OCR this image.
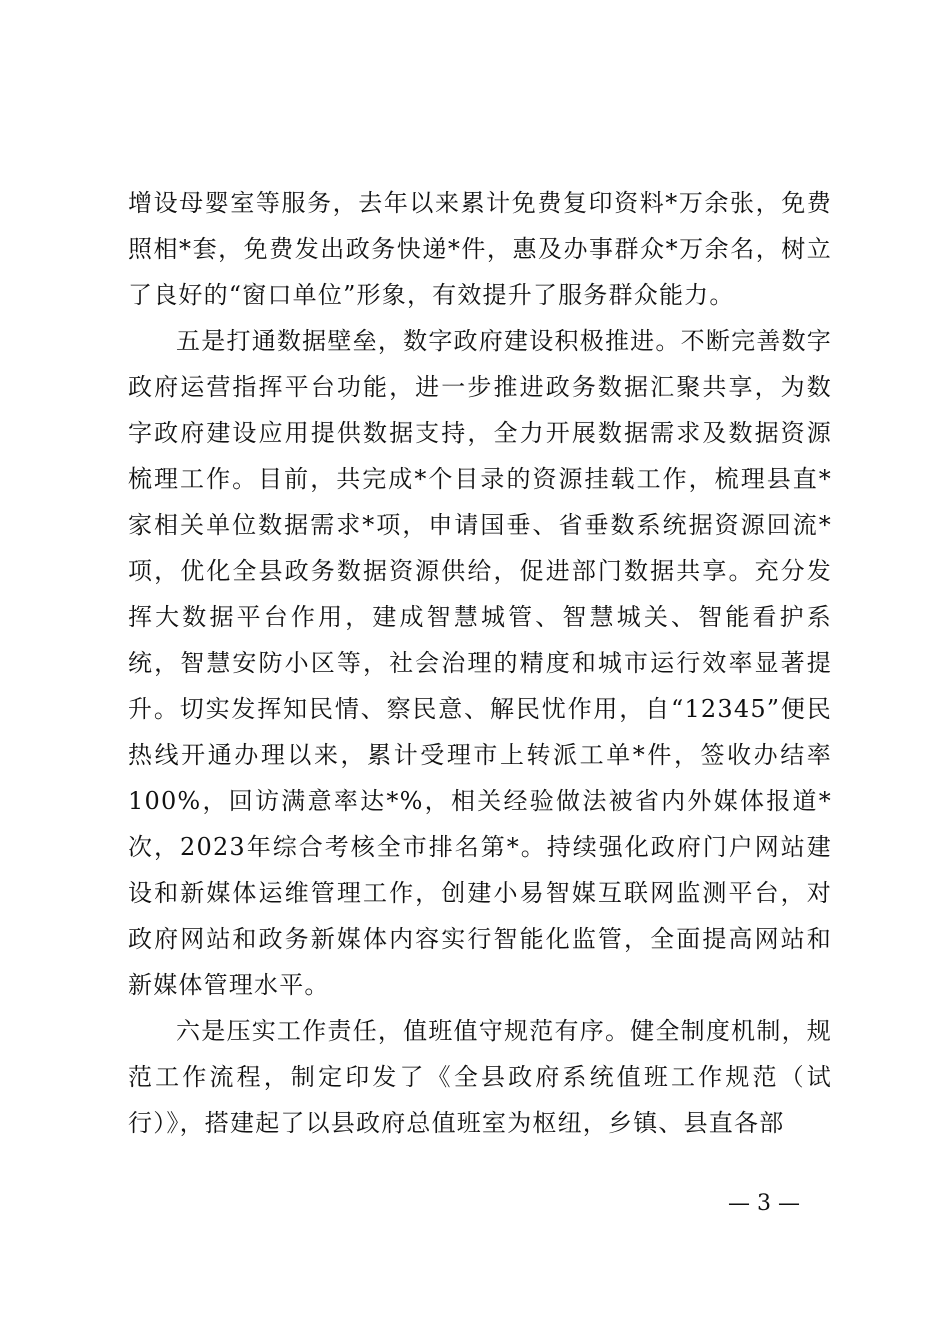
增设母婴室等服务，去年以来累计免费复印资料*万余张，免费照相*套，免费发出政务快递*件，惠及办事群众*万余名，树立了良好的“窗口单位”形象，有效提升了服务群众能力。

五是打通数据壁垒，数字政府建设积极推进。不断完善数字政府运营指挥平台功能，进一步推进政务数据汇聚共享，为数字政府建设应用提供数据支持，全力开展数据需求及数据资源梳理工作。目前，共完成*个目录的资源挂载工作，梳理县直*家相关单位数据需求*项，申请国垂、省垂数系统据资源回流*项，优化全县政务数据资源供给，促进部门数据共享。充分发挥大数据平台作用，建成智慧城管、智慧城关、智能看护系统，智慧安防小区等，社会治理的精度和城市运行效率显著提升。切实发挥知民情、察民意、解民忧作用，自“12345”便民热线开通办理以来，累计受理市上转派工单*件，签收办结率100%，回访满意率达*%，相关经验做法被省内外媒体报道*次，2023年综合考核全市排名第*。持续强化政府门户网站建设和新媒体运维管理工作，创建小易智媒互联网监测平台，对政府网站和政务新媒体内容实行智能化监管，全面提高网站和新媒体管理水平。

六是压实工作责任，值班值守规范有序。健全制度机制，规范工作流程，制定印发了《全县政府系统值班工作规范（试行）》，搭建起了以县政府总值班室为枢纽，乡镇、县直各部

— 3 —
